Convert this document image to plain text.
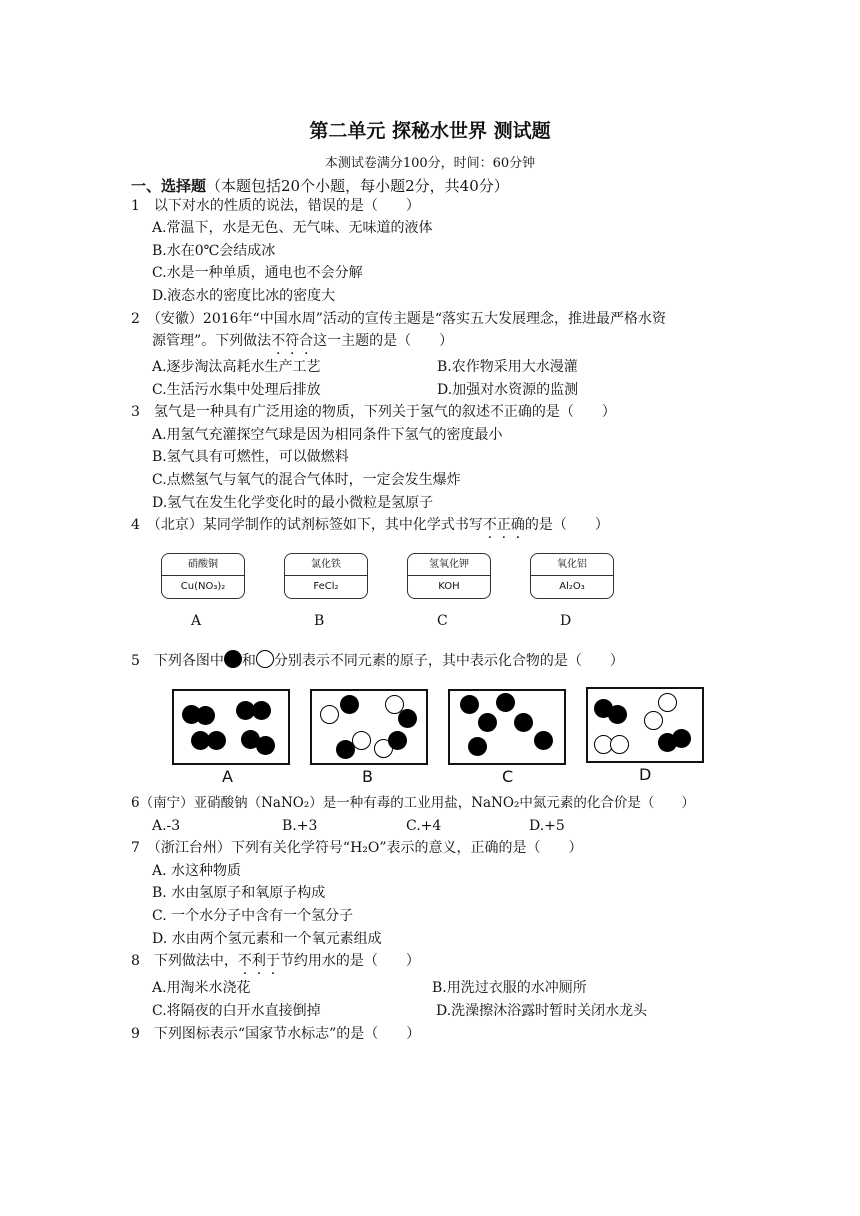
第二单元 探秘水世界 测试题
本测试卷满分100分，时间：60分钟
一、选择题（本题包括20个小题，每小题2分，共40分）
1　以下对水的性质的说法，错误的是（　　）
A.常温下，水是无色、无气味、无味道的液体
B.水在0℃会结成冰
C.水是一种单质，通电也不会分解
D.液态水的密度比冰的密度大
2　（安徽）2016年“中国水周”活动的宣传主题是“落实五大发展理念，推进最严格水资
源管理”。下列做法不符合这一主题的是（　　）
A.逐步淘汰高耗水生产工艺	B.农作物采用大水漫灌
C.生活污水集中处理后排放	D.加强对水资源的监测
3　氢气是一种具有广泛用途的物质，下列关于氢气的叙述不正确的是（　　）
A.用氢气充灌探空气球是因为相同条件下氢气的密度最小
B.氢气具有可燃性，可以做燃料
C.点燃氢气与氧气的混合气体时，一定会发生爆炸
D.氢气在发生化学变化时的最小微粒是氢原子
4　（北京）某同学制作的试剂标签如下，其中化学式书写不正确的是（　　）
硝酸铜
Cu(NO₃)₂
氯化铁
FeCl₂
氢氧化钾
KOH
氧化铝
Al₂O₃
A	B	C	D
5　下列各图中 和 分别表示不同元素的原子，其中表示化合物的是（　　）
A	B	C	D
6（南宁）亚硝酸钠（NaNO₂）是一种有毒的工业用盐，NaNO₂中氮元素的化合价是（　　）
A.-3	B.+3	C.+4	D.+5
7　（浙江台州）下列有关化学符号“H₂O”表示的意义，正确的是（　　）
A. 水这种物质
B. 水由氢原子和氧原子构成
C. 一个水分子中含有一个氢分子
D. 水由两个氢元素和一个氧元素组成
8　下列做法中，不利于节约用水的是（　　）
A.用淘米水浇花	B.用洗过衣服的水冲厕所
C.将隔夜的白开水直接倒掉	D.洗澡擦沐浴露时暂时关闭水龙头
9　下列图标表示“国家节水标志”的是（　　）
